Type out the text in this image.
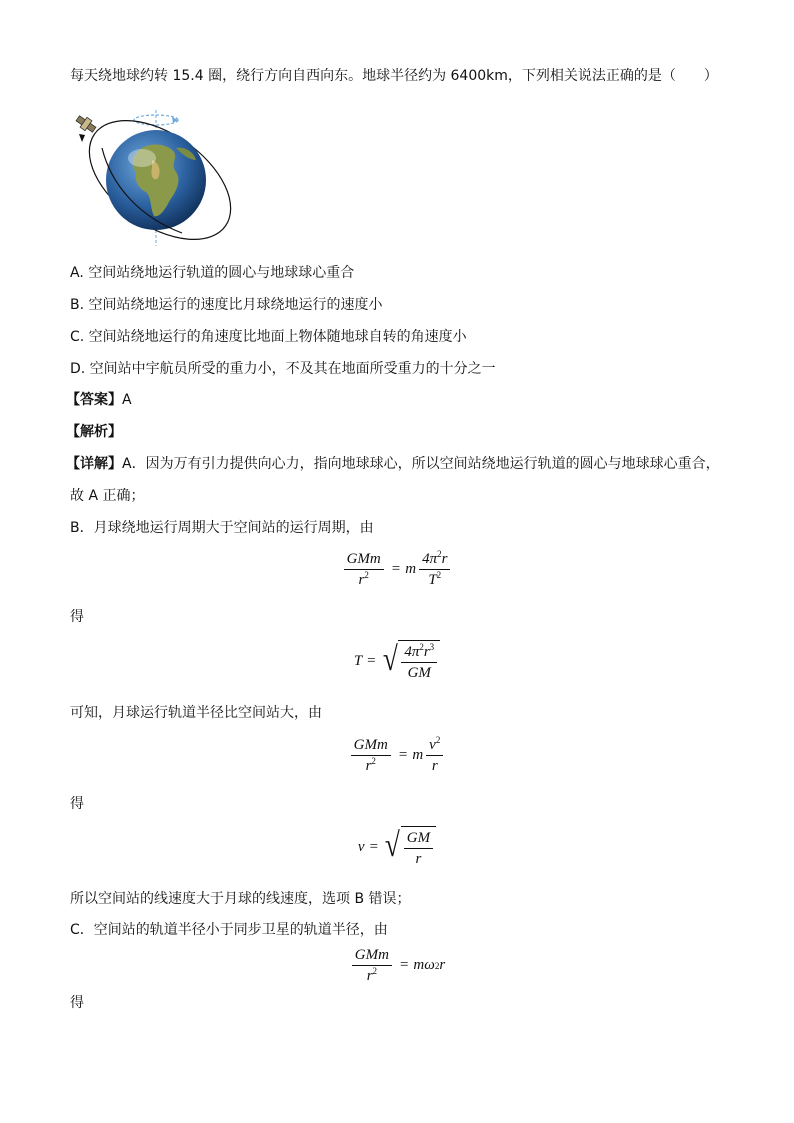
每天绕地球约转 15.4 圈，绕行方向自西向东。地球半径约为 6400km，下列相关说法正确的是（　　）
A. 空间站绕地运行轨道的圆心与地球球心重合
B. 空间站绕地运行的速度比月球绕地运行的速度小
C. 空间站绕地运行的角速度比地面上物体随地球自转的角速度小
D. 空间站中宇航员所受的重力小，不及其在地面所受重力的十分之一
【答案】A
【解析】
【详解】A．因为万有引力提供向心力，指向地球球心，所以空间站绕地运行轨道的圆心与地球球心重合，
故 A 正确；
B．月球绕地运行周期大于空间站的运行周期，由
$\frac{\text{GMm}}{r^2} = m \frac{4\pi^2r}{T^2}$
得
T = √ $\frac{4\pi^2r^3}{GM}$
可知，月球运行轨道半径比空间站大，由
$\frac{\text{GMm}}{r^2} = m \frac{v^2}{r}$
得
v = √ $\frac{GM}{r}$
所以空间站的线速度大于月球的线速度，选项 B 错误；
C．空间站的轨道半径小于同步卫星的轨道半径，由
$\frac{\text{GMm}}{r^2} = m$ ω 2 r
得
